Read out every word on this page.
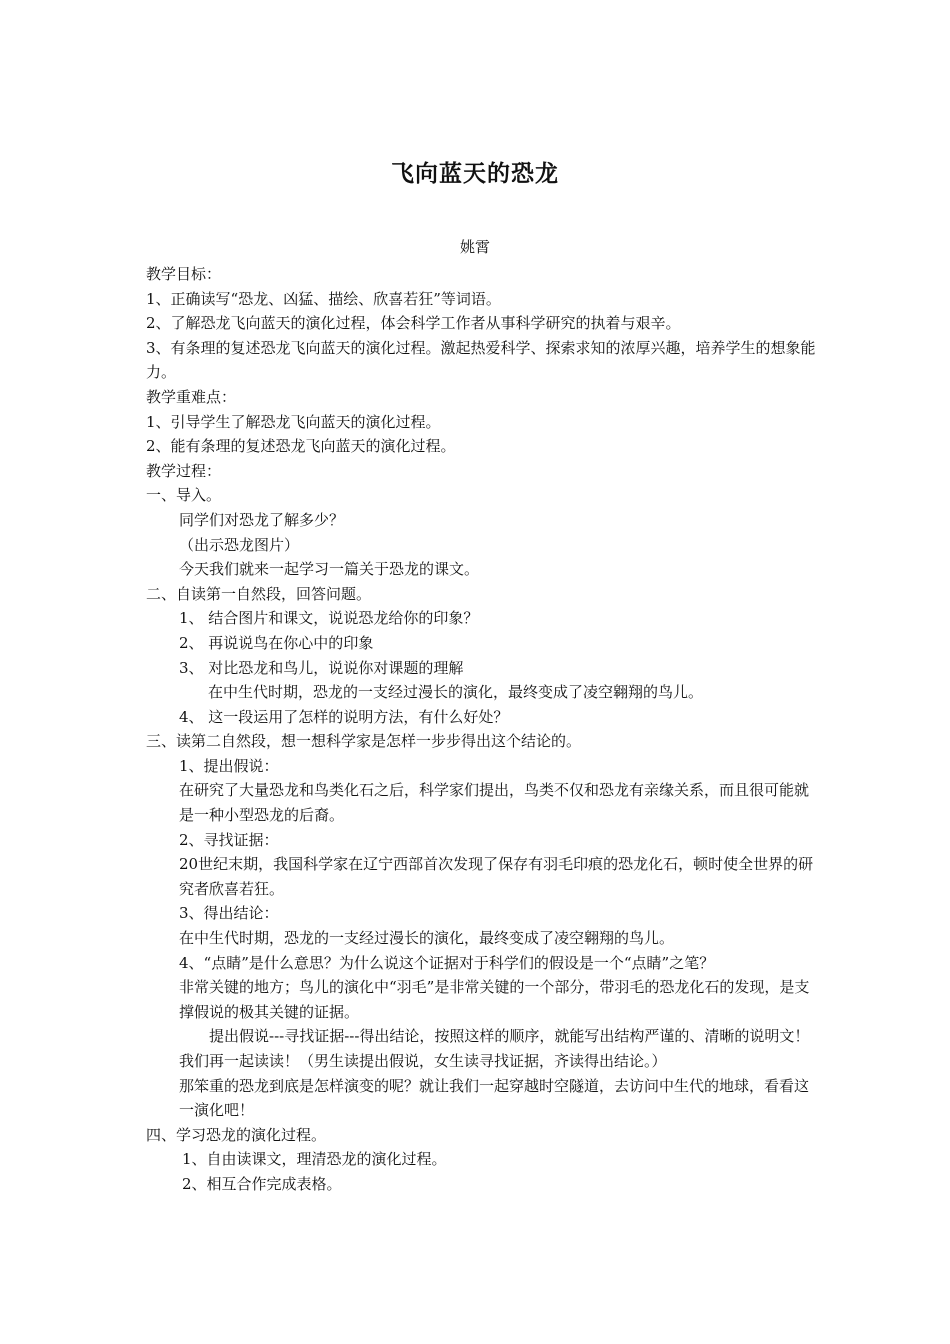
飞向蓝天的恐龙
姚霄
教学目标：
1、正确读写“恐龙、凶猛、描绘、欣喜若狂”等词语。
2、了解恐龙飞向蓝天的演化过程，体会科学工作者从事科学研究的执着与艰辛。
3、有条理的复述恐龙飞向蓝天的演化过程。激起热爱科学、探索求知的浓厚兴趣，培养学生的想象能力。
教学重难点：
1、引导学生了解恐龙飞向蓝天的演化过程。
2、能有条理的复述恐龙飞向蓝天的演化过程。
教学过程：
一、导入。
同学们对恐龙了解多少？
（出示恐龙图片）
今天我们就来一起学习一篇关于恐龙的课文。
二、自读第一自然段，回答问题。
1、 结合图片和课文，说说恐龙给你的印象？
2、 再说说鸟在你心中的印象
3、 对比恐龙和鸟儿，说说你对课题的理解
在中生代时期，恐龙的一支经过漫长的演化，最终变成了凌空翱翔的鸟儿。
4、 这一段运用了怎样的说明方法，有什么好处？
三、读第二自然段，想一想科学家是怎样一步步得出这个结论的。
1、提出假说：
在研究了大量恐龙和鸟类化石之后，科学家们提出，鸟类不仅和恐龙有亲缘关系，而且很可能就是一种小型恐龙的后裔。
2、寻找证据：
20世纪末期，我国科学家在辽宁西部首次发现了保存有羽毛印痕的恐龙化石，顿时使全世界的研究者欣喜若狂。
3、得出结论：
在中生代时期，恐龙的一支经过漫长的演化，最终变成了凌空翱翔的鸟儿。
4、“点睛”是什么意思？为什么说这个证据对于科学们的假设是一个“点睛”之笔？
非常关键的地方；鸟儿的演化中“羽毛”是非常关键的一个部分，带羽毛的恐龙化石的发现，是支撑假说的极其关键的证据。
提出假说---寻找证据---得出结论，按照这样的顺序，就能写出结构严谨的、清晰的说明文！我们再一起读读！（男生读提出假说，女生读寻找证据，齐读得出结论。）
那笨重的恐龙到底是怎样演变的呢？就让我们一起穿越时空隧道，去访问中生代的地球，看看这一演化吧！
四、学习恐龙的演化过程。
1、自由读课文，理清恐龙的演化过程。
2、相互合作完成表格。
